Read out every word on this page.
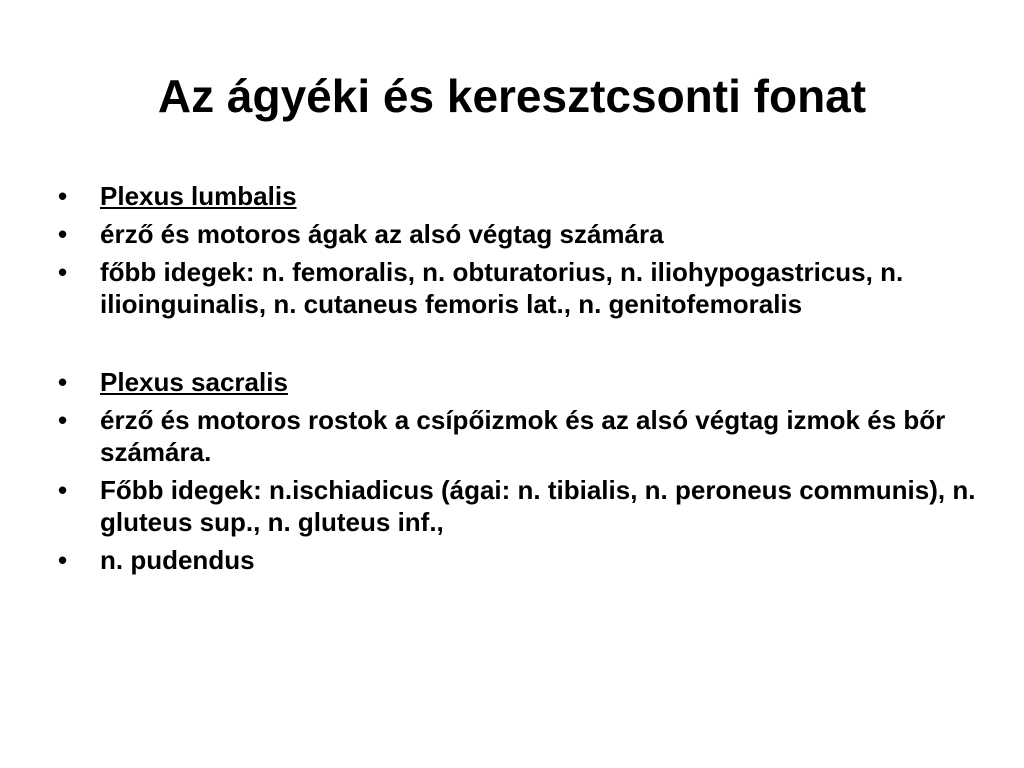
Az ágyéki és keresztcsonti fonat
•	Plexus lumbalis
•	érző és motoros ágak az alsó végtag számára
•	főbb idegek: n. femoralis, n. obturatorius, n. iliohypogastricus, n. ilioinguinalis, n. cutaneus femoris lat., n. genitofemoralis
•	Plexus sacralis
•	érző és motoros rostok a csípőizmok és az alsó végtag izmok és bőr számára.
•	Főbb idegek: n.ischiadicus (ágai: n. tibialis, n. peroneus communis), n. gluteus sup., n. gluteus inf.,
•	n. pudendus
